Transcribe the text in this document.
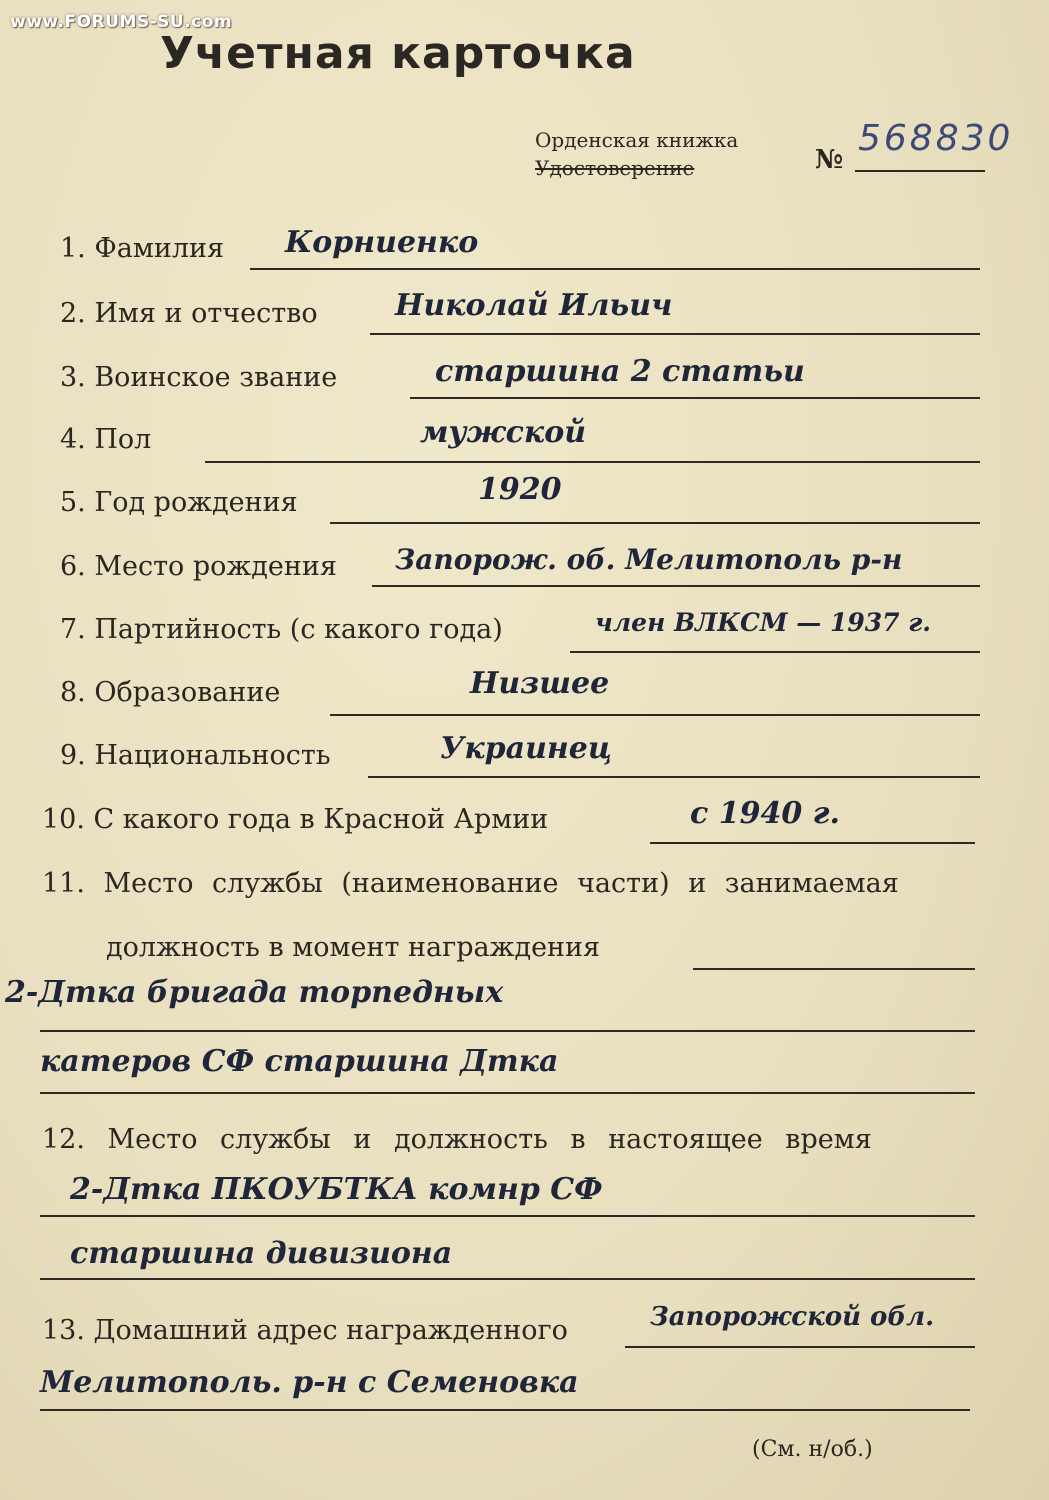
www.FORUMS-SU.com
Учетная карточка
Орденская книжка
Удостоверение	№
568830
1. Фамилия Корниенко
2. Имя и отчество	Николай Ильич
3. Воинское звание	старшина 2 статьи
4. Пол	мужской
5. Год рождения	1920
6. Место рождения Запорож. об. Мелитополь р-н
7. Партийность (с какого года)	член ВЛКСМ — 1937 г.
8. Образование	Низшее
9. Национальность	Украинец
10. С какого года в Красной Армии	с 1940 г.
11. Место службы (наименование части) и занимаемая
должность в момент награждения
2-Дтка бригада торпедных
катеров СФ старшина Дтка
12. Место службы и должность в настоящее время
2-Дтка ПКОУБТКА комнр СФ
старшина дивизиона
13. Домашний адрес награжденного	Запорожской обл.
Мелитополь. р-н с Семеновка
(См. н/об.)
